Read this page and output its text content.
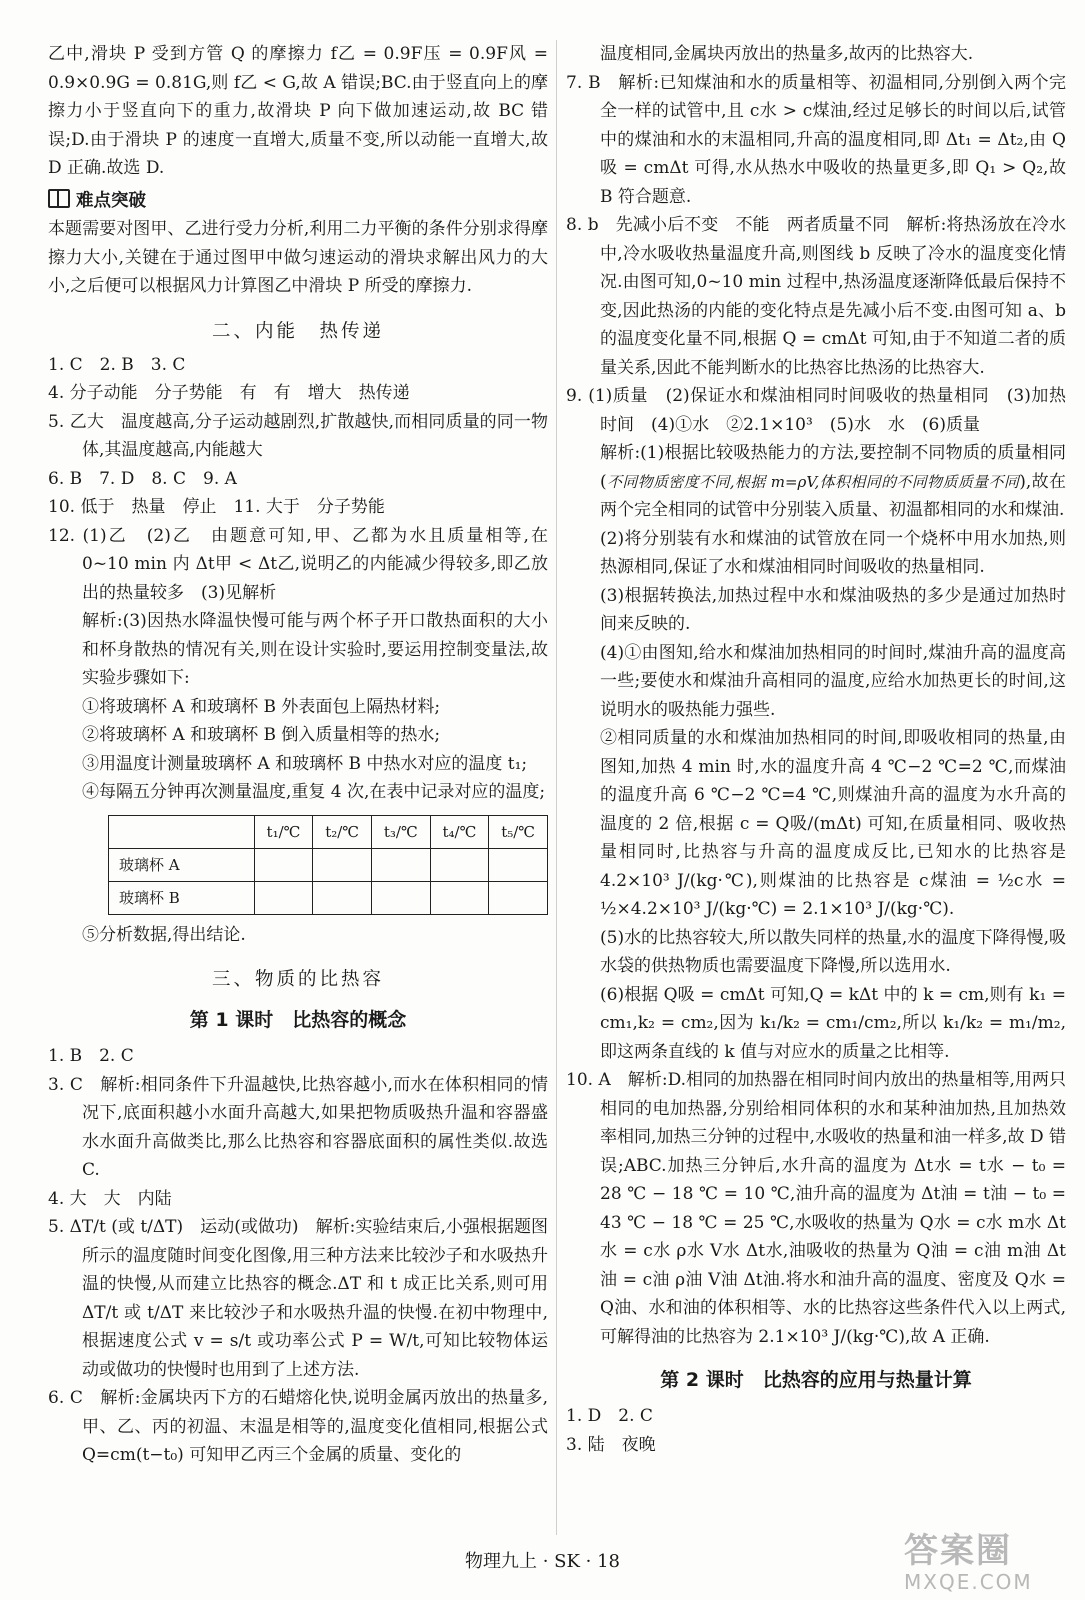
乙中,滑块 P 受到方管 Q 的摩擦力 f乙 = 0.9F压 = 0.9F风 = 0.9×0.9G = 0.81G,则 f乙 < G,故 A 错误;BC.由于竖直向上的摩擦力小于竖直向下的重力,故滑块 P 向下做加速运动,故 BC 错误;D.由于滑块 P 的速度一直增大,质量不变,所以动能一直增大,故 D 正确.故选 D.

难点突破

本题需要对图甲、乙进行受力分析,利用二力平衡的条件分别求得摩擦力大小,关键在于通过图甲中做匀速运动的滑块求解出风力的大小,之后便可以根据风力计算图乙中滑块 P 所受的摩擦力.

二、内能　热传递

1. C　2. B　3. C

4. 分子动能　分子势能　有　有　增大　热传递

5. 乙大　温度越高,分子运动越剧烈,扩散越快,而相同质量的同一物体,其温度越高,内能越大

6. B　7. D　8. C　9. A

10. 低于　热量　停止　11. 大于　分子势能

12. (1)乙　(2)乙　由题意可知,甲、乙都为水且质量相等,在 0~10 min 内 Δt甲 < Δt乙,说明乙的内能减少得较多,即乙放出的热量较多　(3)见解析

解析:(3)因热水降温快慢可能与两个杯子开口散热面积的大小和杯身散热的情况有关,则在设计实验时,要运用控制变量法,故实验步骤如下:

①将玻璃杯 A 和玻璃杯 B 外表面包上隔热材料;

②将玻璃杯 A 和玻璃杯 B 倒入质量相等的热水;

③用温度计测量玻璃杯 A 和玻璃杯 B 中热水对应的温度 t₁;

④每隔五分钟再次测量温度,重复 4 次,在表中记录对应的温度;

	t₁/℃	t₂/℃	t₃/℃	t₄/℃	t₅/℃
玻璃杯 A					
玻璃杯 B					

⑤分析数据,得出结论.

三、物质的比热容
第 1 课时　比热容的概念

1. B　2. C

3. C　解析:相同条件下升温越快,比热容越小,而水在体积相同的情况下,底面积越小水面升高越大,如果把物质吸热升温和容器盛水水面升高做类比,那么比热容和容器底面积的属性类似.故选 C.

4. 大　大　内陆

5. ΔT/t (或 t/ΔT)　运动(或做功)　解析:实验结束后,小强根据题图所示的温度随时间变化图像,用三种方法来比较沙子和水吸热升温的快慢,从而建立比热容的概念.ΔT 和 t 成正比关系,则可用 ΔT/t 或 t/ΔT 来比较沙子和水吸热升温的快慢.在初中物理中,根据速度公式 v = s/t 或功率公式 P = W/t,可知比较物体运动或做功的快慢时也用到了上述方法.

6. C　解析:金属块丙下方的石蜡熔化快,说明金属丙放出的热量多,甲、乙、丙的初温、末温是相等的,温度变化值相同,根据公式 Q=cm(t−t₀) 可知甲乙丙三个金属的质量、变化的

温度相同,金属块丙放出的热量多,故丙的比热容大.

7. B　解析:已知煤油和水的质量相等、初温相同,分别倒入两个完全一样的试管中,且 c水 > c煤油,经过足够长的时间以后,试管中的煤油和水的末温相同,升高的温度相同,即 Δt₁ = Δt₂,由 Q吸 = cmΔt 可得,水从热水中吸收的热量更多,即 Q₁ > Q₂,故 B 符合题意.

8. b　先减小后不变　不能　两者质量不同　解析:将热汤放在冷水中,冷水吸收热量温度升高,则图线 b 反映了冷水的温度变化情况.由图可知,0~10 min 过程中,热汤温度逐渐降低最后保持不变,因此热汤的内能的变化特点是先减小后不变.由图可知 a、b 的温度变化量不同,根据 Q = cmΔt 可知,由于不知道二者的质量关系,因此不能判断水的比热容比热汤的比热容大.

9. (1)质量　(2)保证水和煤油相同时间吸收的热量相同　(3)加热时间　(4)①水　②2.1×10³　(5)水　水　(6)质量

解析:(1)根据比较吸热能力的方法,要控制不同物质的质量相同(不同物质密度不同,根据 m=ρV,体积相同的不同物质质量不同),故在两个完全相同的试管中分别装入质量、初温都相同的水和煤油.

(2)将分别装有水和煤油的试管放在同一个烧杯中用水加热,则热源相同,保证了水和煤油相同时间吸收的热量相同.

(3)根据转换法,加热过程中水和煤油吸热的多少是通过加热时间来反映的.

(4)①由图知,给水和煤油加热相同的时间时,煤油升高的温度高一些;要使水和煤油升高相同的温度,应给水加热更长的时间,这说明水的吸热能力强些.

②相同质量的水和煤油加热相同的时间,即吸收相同的热量,由图知,加热 4 min 时,水的温度升高 4 ℃−2 ℃=2 ℃,而煤油的温度升高 6 ℃−2 ℃=4 ℃,则煤油升高的温度为水升高的温度的 2 倍,根据 c = Q吸/(mΔt) 可知,在质量相同、吸收热量相同时,比热容与升高的温度成反比,已知水的比热容是 4.2×10³ J/(kg·℃),则煤油的比热容是 c煤油 = ½c水 = ½×4.2×10³ J/(kg·℃) = 2.1×10³ J/(kg·℃).

(5)水的比热容较大,所以散失同样的热量,水的温度下降得慢,吸水袋的供热物质也需要温度下降慢,所以选用水.

(6)根据 Q吸 = cmΔt 可知,Q = kΔt 中的 k = cm,则有 k₁ = cm₁,k₂ = cm₂,因为 k₁/k₂ = cm₁/cm₂,所以 k₁/k₂ = m₁/m₂,即这两条直线的 k 值与对应水的质量之比相等.

10. A　解析:D.相同的加热器在相同时间内放出的热量相等,用两只相同的电加热器,分别给相同体积的水和某种油加热,且加热效率相同,加热三分钟的过程中,水吸收的热量和油一样多,故 D 错误;ABC.加热三分钟后,水升高的温度为 Δt水 = t水 − t₀ = 28 ℃ − 18 ℃ = 10 ℃,油升高的温度为 Δt油 = t油 − t₀ = 43 ℃ − 18 ℃ = 25 ℃,水吸收的热量为 Q水 = c水 m水 Δt水 = c水 ρ水 V水 Δt水,油吸收的热量为 Q油 = c油 m油 Δt油 = c油 ρ油 V油 Δt油.将水和油升高的温度、密度及 Q水 = Q油、水和油的体积相等、水的比热容这些条件代入以上两式,可解得油的比热容为 2.1×10³ J/(kg·℃),故 A 正确.

第 2 课时　比热容的应用与热量计算

1. D　2. C

3. 陆　夜晚

物理九上 · SK · 18	答案圈
MXQE.COM
